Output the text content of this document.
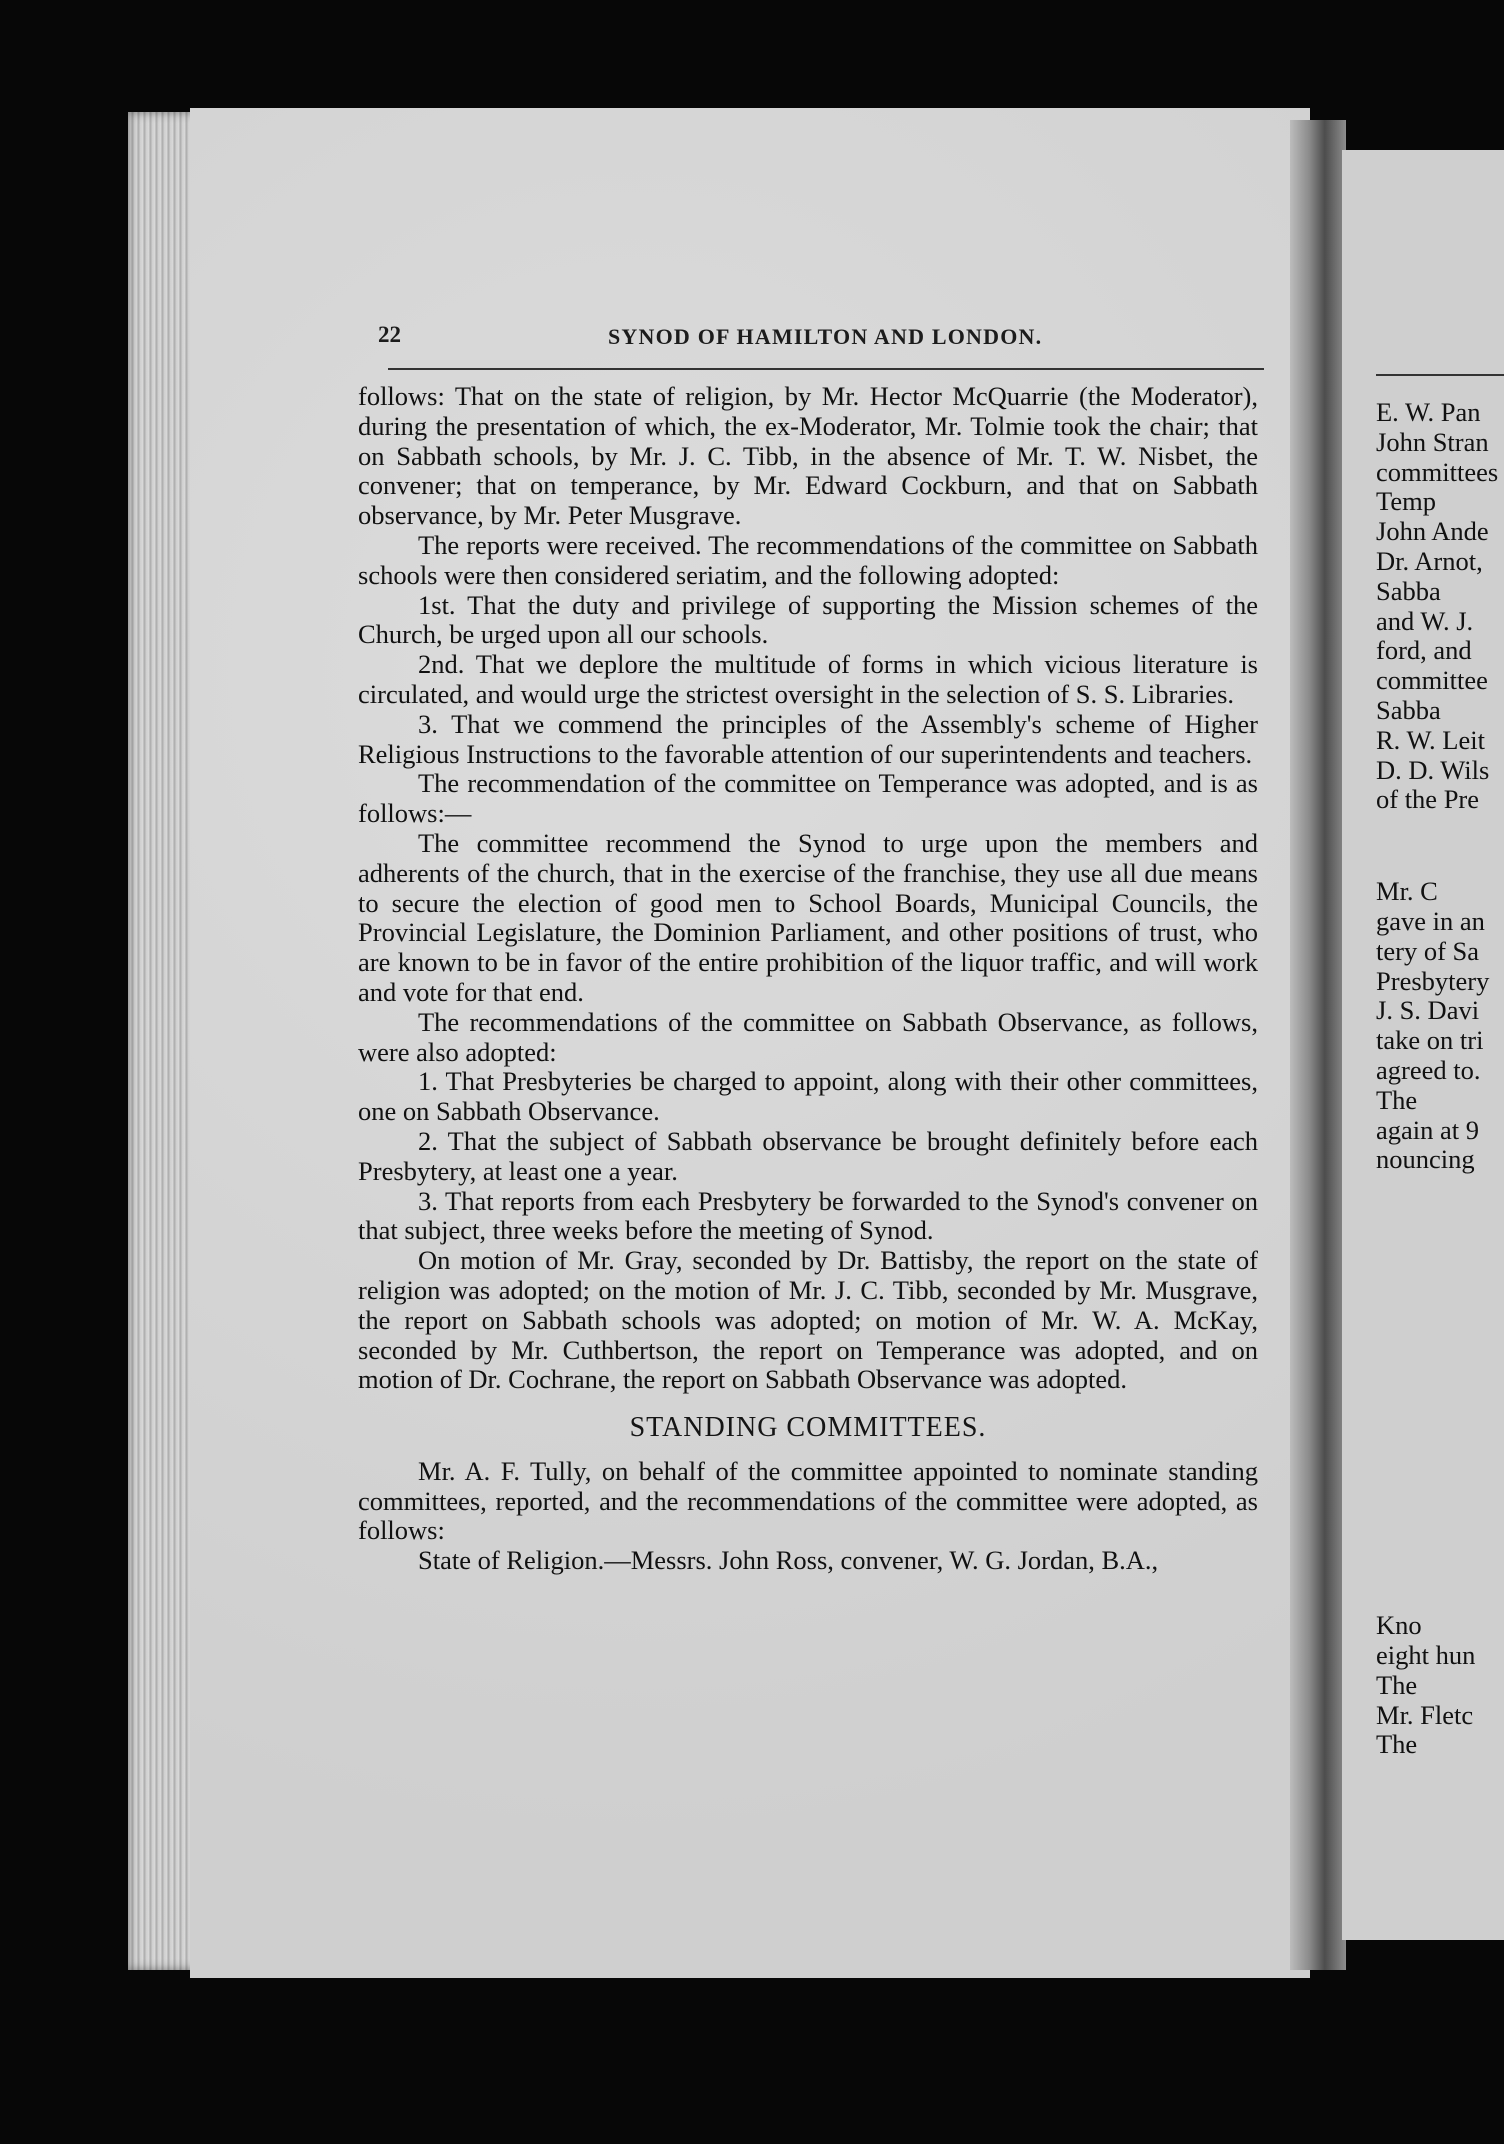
22	SYNOD OF HAMILTON AND LONDON.

follows: That on the state of religion, by Mr. Hector McQuarrie (the Moderator), during the presentation of which, the ex-Moderator, Mr. Tolmie took the chair; that on Sabbath schools, by Mr. J. C. Tibb, in the absence of Mr. T. W. Nisbet, the convener; that on temperance, by Mr. Edward Cockburn, and that on Sabbath observance, by Mr. Peter Musgrave.

The reports were received. The recommendations of the committee on Sabbath schools were then considered seriatim, and the following adopted:

1st. That the duty and privilege of supporting the Mission schemes of the Church, be urged upon all our schools.

2nd. That we deplore the multitude of forms in which vicious literature is circulated, and would urge the strictest oversight in the selection of S. S. Libraries.

3. That we commend the principles of the Assembly's scheme of Higher Religious Instructions to the favorable attention of our superintendents and teachers.

The recommendation of the committee on Temperance was adopted, and is as follows:—

The committee recommend the Synod to urge upon the members and adherents of the church, that in the exercise of the franchise, they use all due means to secure the election of good men to School Boards, Municipal Councils, the Provincial Legislature, the Dominion Parliament, and other positions of trust, who are known to be in favor of the entire prohibition of the liquor traffic, and will work and vote for that end.

The recommendations of the committee on Sabbath Observance, as follows, were also adopted:

1. That Presbyteries be charged to appoint, along with their other committees, one on Sabbath Observance.

2. That the subject of Sabbath observance be brought definitely before each Presbytery, at least one a year.

3. That reports from each Presbytery be forwarded to the Synod's convener on that subject, three weeks before the meeting of Synod.

On motion of Mr. Gray, seconded by Dr. Battisby, the report on the state of religion was adopted; on the motion of Mr. J. C. Tibb, seconded by Mr. Musgrave, the report on Sabbath schools was adopted; on motion of Mr. W. A. McKay, seconded by Mr. Cuthbertson, the report on Temperance was adopted, and on motion of Dr. Cochrane, the report on Sabbath Observance was adopted.

STANDING COMMITTEES.

Mr. A. F. Tully, on behalf of the committee appointed to nominate standing committees, reported, and the recommendations of the committee were adopted, as follows:

State of Religion.—Messrs. John Ross, convener, W. G. Jordan, B.A.,

E. W. Pan
John Stran
committees
Temp
John Ande
Dr. Arnot,
Sabba
and W. J.
ford, and
committee
Sabba
R. W. Leit
D. D. Wils
of the Pre
Mr. C
gave in an
tery of Sa
Presbytery
J. S. Davi
take on tri
agreed to.
The
again at 9
nouncing
Kno
eight hun
The
Mr. Fletc
The
